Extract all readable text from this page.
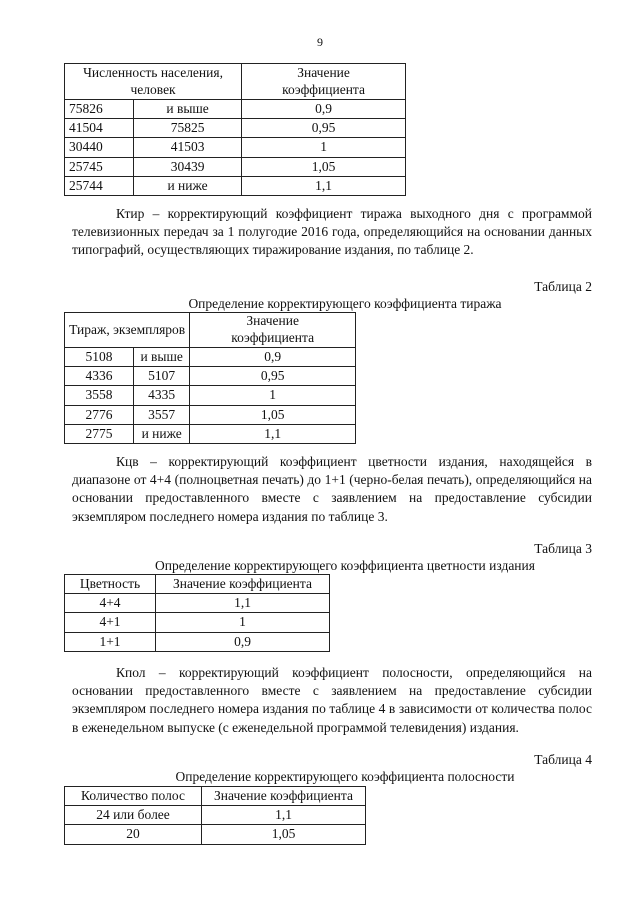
9
Численность населения, человек		Значение коэффициента
75826	и выше	0,9
41504	75825	0,95
30440	41503	1
25745	30439	1,05
25744	и ниже	1,1

Ктир – корректирующий коэффициент тиража выходного дня с программой телевизионных передач за 1 полугодие 2016 года, определяющийся на основании данных типографий, осуществляющих тиражирование издания, по таблице 2.

Таблица 2

Определение корректирующего коэффициента тиража

Тираж, экземпляров		Значение коэффициента
5108	и выше	0,9
4336	5107	0,95
3558	4335	1
2776	3557	1,05
2775	и ниже	1,1

Кцв – корректирующий коэффициент цветности издания, находящейся в диапазоне от 4+4 (полноцветная печать) до 1+1 (черно-белая печать), определяющийся на основании предоставленного вместе с заявлением на предоставление субсидии экземпляром последнего номера издания по таблице 3.

Таблица 3

Определение корректирующего коэффициента цветности издания

Цветность	Значение коэффициента
4+4	1,1
4+1	1
1+1	0,9

Кпол – корректирующий коэффициент полосности, определяющийся на основании предоставленного вместе с заявлением на предоставление субсидии экземпляром последнего номера издания по таблице 4 в зависимости от количества полос в еженедельном выпуске (с еженедельной программой телевидения) издания.

Таблица 4

Определение корректирующего коэффициента полосности

Количество полос	Значение коэффициента
24 или более	1,1
20	1,05
